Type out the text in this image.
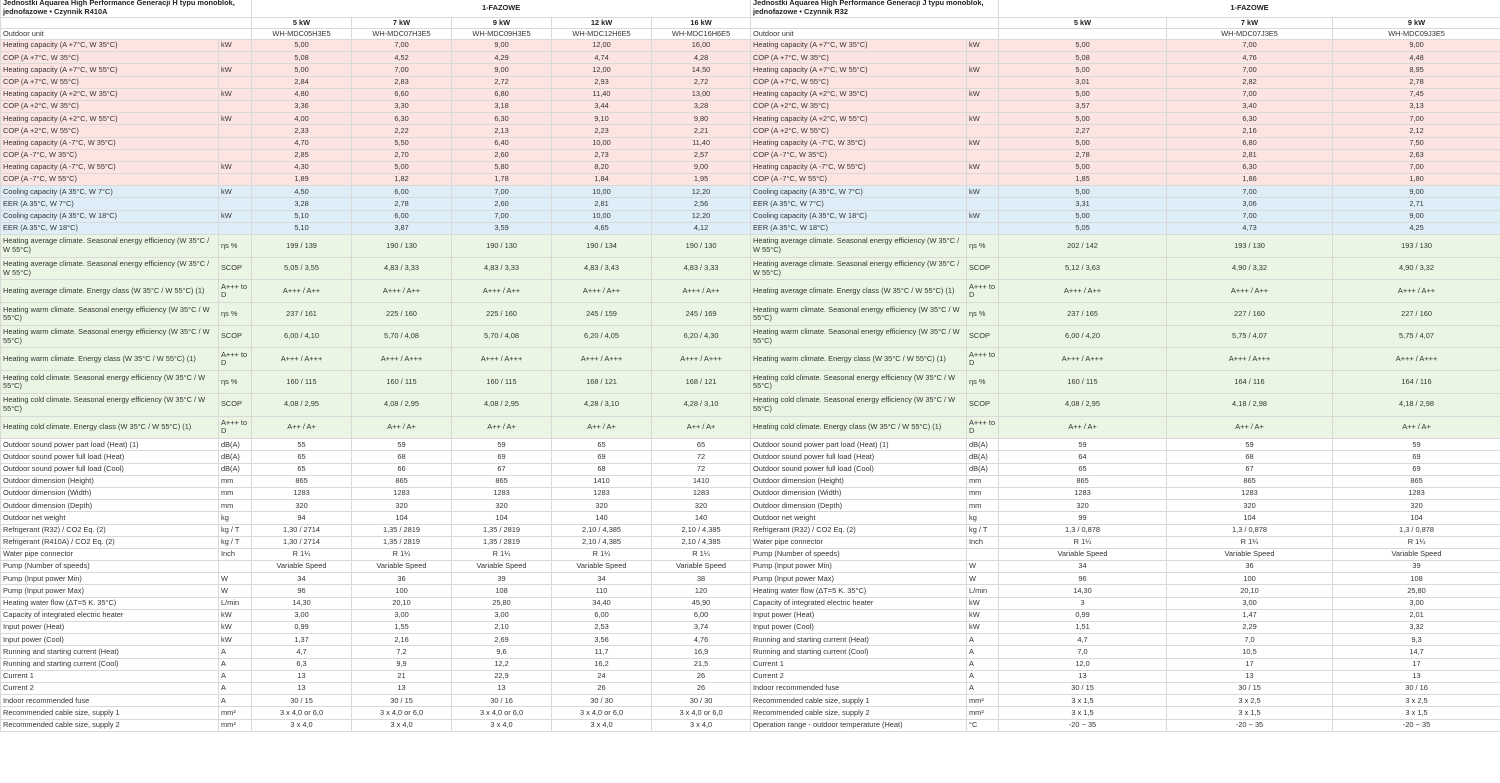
Jednostki Aquarea High Performance Generacji H typu monoblok, jednofazowe • Czynnik R410A		1-FAZOWE				
		5 kW	7 kW	9 kW	12 kW	16 kW
Outdoor unit		WH-MDC05H3E5	WH-MDC07H3E5	WH-MDC09H3E5	WH-MDC12H6E5	WH-MDC16H6E5
Heating capacity (A +7°C, W 35°C)	kW	5,00	7,00	9,00	12,00	16,00
COP (A +7°C, W 35°C)		5,08	4,52	4,29	4,74	4,28
Heating capacity (A +7°C, W 55°C)	kW	5,00	7,00	9,00	12,00	14,50
COP (A +7°C, W 55°C)		2,84	2,83	2,72	2,93	2,72
Heating capacity (A +2°C, W 35°C)	kW	4,80	6,60	6,80	11,40	13,00
COP (A +2°C, W 35°C)		3,36	3,30	3,18	3,44	3,28
Heating capacity (A +2°C, W 55°C)	kW	4,00	6,30	6,30	9,10	9,80
COP (A +2°C, W 55°C)		2,33	2,22	2,13	2,23	2,21
Heating capacity (A -7°C, W 35°C)		4,70	5,50	6,40	10,00	11,40
COP (A -7°C, W 35°C)		2,85	2,70	2,60	2,73	2,57
Heating capacity (A -7°C, W 55°C)	kW	4,30	5,00	5,80	8,20	9,00
COP (A -7°C, W 55°C)		1,89	1,82	1,78	1,84	1,95
Cooling capacity (A 35°C, W 7°C)	kW	4,50	6,00	7,00	10,00	12,20
EER (A 35°C, W 7°C)		3,28	2,78	2,60	2,81	2,56
Cooling capacity (A 35°C, W 18°C)	kW	5,10	6,00	7,00	10,00	12,20
EER (A 35°C, W 18°C)		5,10	3,87	3,59	4,65	4,12
Heating average climate. Seasonal energy efficiency (W 35°C / W 55°C)	ηs %	199 / 139	190 / 130	190 / 130	190 / 134	190 / 130
Heating average climate. Seasonal energy efficiency (W 35°C / W 55°C)	SCOP	5,05 / 3,55	4,83 / 3,33	4,83 / 3,33	4,83 / 3,43	4,83 / 3,33
Heating average climate. Energy class (W 35°C / W 55°C) (1)	A+++ to D	A+++ / A++	A+++ / A++	A+++ / A++	A+++ / A++	A+++ / A++
Heating warm climate. Seasonal energy efficiency (W 35°C / W 55°C)	ηs %	237 / 161	225 / 160	225 / 160	245 / 159	245 / 169
Heating warm climate. Seasonal energy efficiency (W 35°C / W 55°C)	SCOP	6,00 / 4,10	5,70 / 4,08	5,70 / 4,08	6,20 / 4,05	6,20 / 4,30
Heating warm climate. Energy class (W 35°C / W 55°C) (1)	A+++ to D	A+++ / A+++	A+++ / A+++	A+++ / A+++	A+++ / A+++	A+++ / A+++
Heating cold climate. Seasonal energy efficiency (W 35°C / W 55°C)	ηs %	160 / 115	160 / 115	160 / 115	168 / 121	168 / 121
Heating cold climate. Seasonal energy efficiency (W 35°C / W 55°C)	SCOP	4,08 / 2,95	4,08 / 2,95	4,08 / 2,95	4,28 / 3,10	4,28 / 3,10
Heating cold climate. Energy class (W 35°C / W 55°C) (1)	A+++ to D	A++ / A+	A++ / A+	A++ / A+	A++ / A+	A++ / A+
Outdoor sound power part load (Heat) (1)	dB(A)	55	59	59	65	65
Outdoor sound power full load (Heat)	dB(A)	65	68	69	69	72
Outdoor sound power full load (Cool)	dB(A)	65	66	67	68	72
Outdoor dimension (Height)	mm	865	865	865	1410	1410
Outdoor dimension (Width)	mm	1283	1283	1283	1283	1283
Outdoor dimension (Depth)	mm	320	320	320	320	320
Outdoor net weight	kg	94	104	104	140	140
Refrigerant (R32) / CO2 Eq. (2)	kg / T	1,30 / 2714	1,35 / 2819	1,35 / 2819	2,10 / 4,385	2,10 / 4,385
Refrigerant (R410A) / CO2 Eq. (2)	kg / T	1,30 / 2714	1,35 / 2819	1,35 / 2819	2,10 / 4,385	2,10 / 4,385
Water pipe connector	Inch	R 1¼	R 1¼	R 1¼	R 1¼	R 1¼
Pump (Number of speeds)		Variable Speed	Variable Speed	Variable Speed	Variable Speed	Variable Speed
Pump (Input power Min)	W	34	36	39	34	38
Pump (Input power Max)	W	96	100	108	110	120
Heating water flow (ΔT=5 K. 35°C)	L/min	14,30	20,10	25,80	34,40	45,90
Capacity of integrated electric heater	kW	3,00	3,00	3,00	6,00	6,00
Input power (Heat)	kW	0,99	1,55	2,10	2,53	3,74
Input power (Cool)	kW	1,37	2,16	2,69	3,56	4,76
Running and starting current (Heat)	A	4,7	7,2	9,6	11,7	16,9
Running and starting current (Cool)	A	6,3	9,9	12,2	16,2	21,5
Current 1	A	13	21	22,9	24	26
Current 2	A	13	13	13	26	26
Indoor recommended fuse	A	30 / 15	30 / 15	30 / 16	30 / 30	30 / 30
Recommended cable size, supply 1	mm²	3 x 4,0 or 6,0	3 x 4,0 or 6,0	3 x 4,0 or 6,0	3 x 4,0 or 6,0	3 x 4,0 or 6,0
Recommended cable size, supply 2	mm²	3 x 4,0	3 x 4,0	3 x 4,0	3 x 4,0	3 x 4,0
Jednostki Aquarea High Performance Generacji J typu monoblok, jednofazowe • Czynnik R32		1-FAZOWE		
		5 kW	7 kW	9 kW
Outdoor unit			WH-MDC07J3E5	WH-MDC09J3E5
Heating capacity (A +7°C, W 35°C)	kW	5,00	7,00	9,00
COP (A +7°C, W 35°C)		5,08	4,76	4,48
Heating capacity (A +7°C, W 55°C)	kW	5,00	7,00	8,95
COP (A +7°C, W 55°C)		3,01	2,82	2,78
Heating capacity (A +2°C, W 35°C)	kW	5,00	7,00	7,45
COP (A +2°C, W 35°C)		3,57	3,40	3,13
Heating capacity (A +2°C, W 55°C)	kW	5,00	6,30	7,00
COP (A +2°C, W 55°C)		2,27	2,16	2,12
Heating capacity (A -7°C, W 35°C)	kW	5,00	6,80	7,50
COP (A -7°C, W 35°C)		2,78	2,81	2,63
Heating capacity (A -7°C, W 55°C)	kW	5,00	6,30	7,00
COP (A -7°C, W 55°C)		1,85	1,86	1,80
Cooling capacity (A 35°C, W 7°C)	kW	5,00	7,00	9,00
EER (A 35°C, W 7°C)		3,31	3,06	2,71
Cooling capacity (A 35°C, W 18°C)	kW	5,00	7,00	9,00
EER (A 35°C, W 18°C)		5,05	4,73	4,25
Heating average climate. Seasonal energy efficiency (W 35°C / W 55°C)	ηs %	202 / 142	193 / 130	193 / 130
Heating average climate. Seasonal energy efficiency (W 35°C / W 55°C)	SCOP	5,12 / 3,63	4,90 / 3,32	4,90 / 3,32
Heating average climate. Energy class (W 35°C / W 55°C) (1)	A+++ to D	A+++ / A++	A+++ / A++	A+++ / A++
Heating warm climate. Seasonal energy efficiency (W 35°C / W 55°C)	ηs %	237 / 165	227 / 160	227 / 160
Heating warm climate. Seasonal energy efficiency (W 35°C / W 55°C)	SCOP	6,00 / 4,20	5,75 / 4,07	5,75 / 4,07
Heating warm climate. Energy class (W 35°C / W 55°C) (1)	A+++ to D	A+++ / A+++	A+++ / A+++	A+++ / A+++
Heating cold climate. Seasonal energy efficiency (W 35°C / W 55°C)	ηs %	160 / 115	164 / 116	164 / 116
Heating cold climate. Seasonal energy efficiency (W 35°C / W 55°C)	SCOP	4,08 / 2,95	4,18 / 2,98	4,18 / 2,98
Heating cold climate. Energy class (W 35°C / W 55°C) (1)	A+++ to D	A++ / A+	A++ / A+	A++ / A+
Outdoor sound power part load (Heat) (1)	dB(A)	59	59	59
Outdoor sound power full load (Heat)	dB(A)	64	68	69
Outdoor sound power full load (Cool)	dB(A)	65	67	69
Outdoor dimension (Height)	mm	865	865	865
Outdoor dimension (Width)	mm	1283	1283	1283
Outdoor dimension (Depth)	mm	320	320	320
Outdoor net weight	kg	99	104	104
Refrigerant (R32) / CO2 Eq. (2)	kg / T	1,3 / 0,878	1,3 / 0,878	1,3 / 0,878
Water pipe connector	Inch	R 1¼	R 1¼	R 1¼
Pump (Number of speeds)		Variable Speed	Variable Speed	Variable Speed
Pump (Input power Min)	W	34	36	39
Pump (Input power Max)	W	96	100	108
Heating water flow (ΔT=5 K. 35°C)	L/min	14,30	20,10	25,80
Capacity of integrated electric heater	kW	3	3,00	3,00
Input power (Heat)	kW	0,99	1,47	2,01
Input power (Cool)	kW	1,51	2,29	3,32
Running and starting current (Heat)	A	4,7	7,0	9,3
Running and starting current (Cool)	A	7,0	10,5	14,7
Current 1	A	12,0	17	17
Current 2	A	13	13	13
Indoor recommended fuse	A	30 / 15	30 / 15	30 / 16
Recommended cable size, supply 1	mm²	3 x 1,5	3 x 2,5	3 x 2,5
Recommended cable size, supply 2	mm²	3 x 1,5	3 x 1,5	3 x 1,5
Operation range - outdoor temperature (Heat)	°C	-20 ~ 35	-20 ~ 35	-20 ~ 35
